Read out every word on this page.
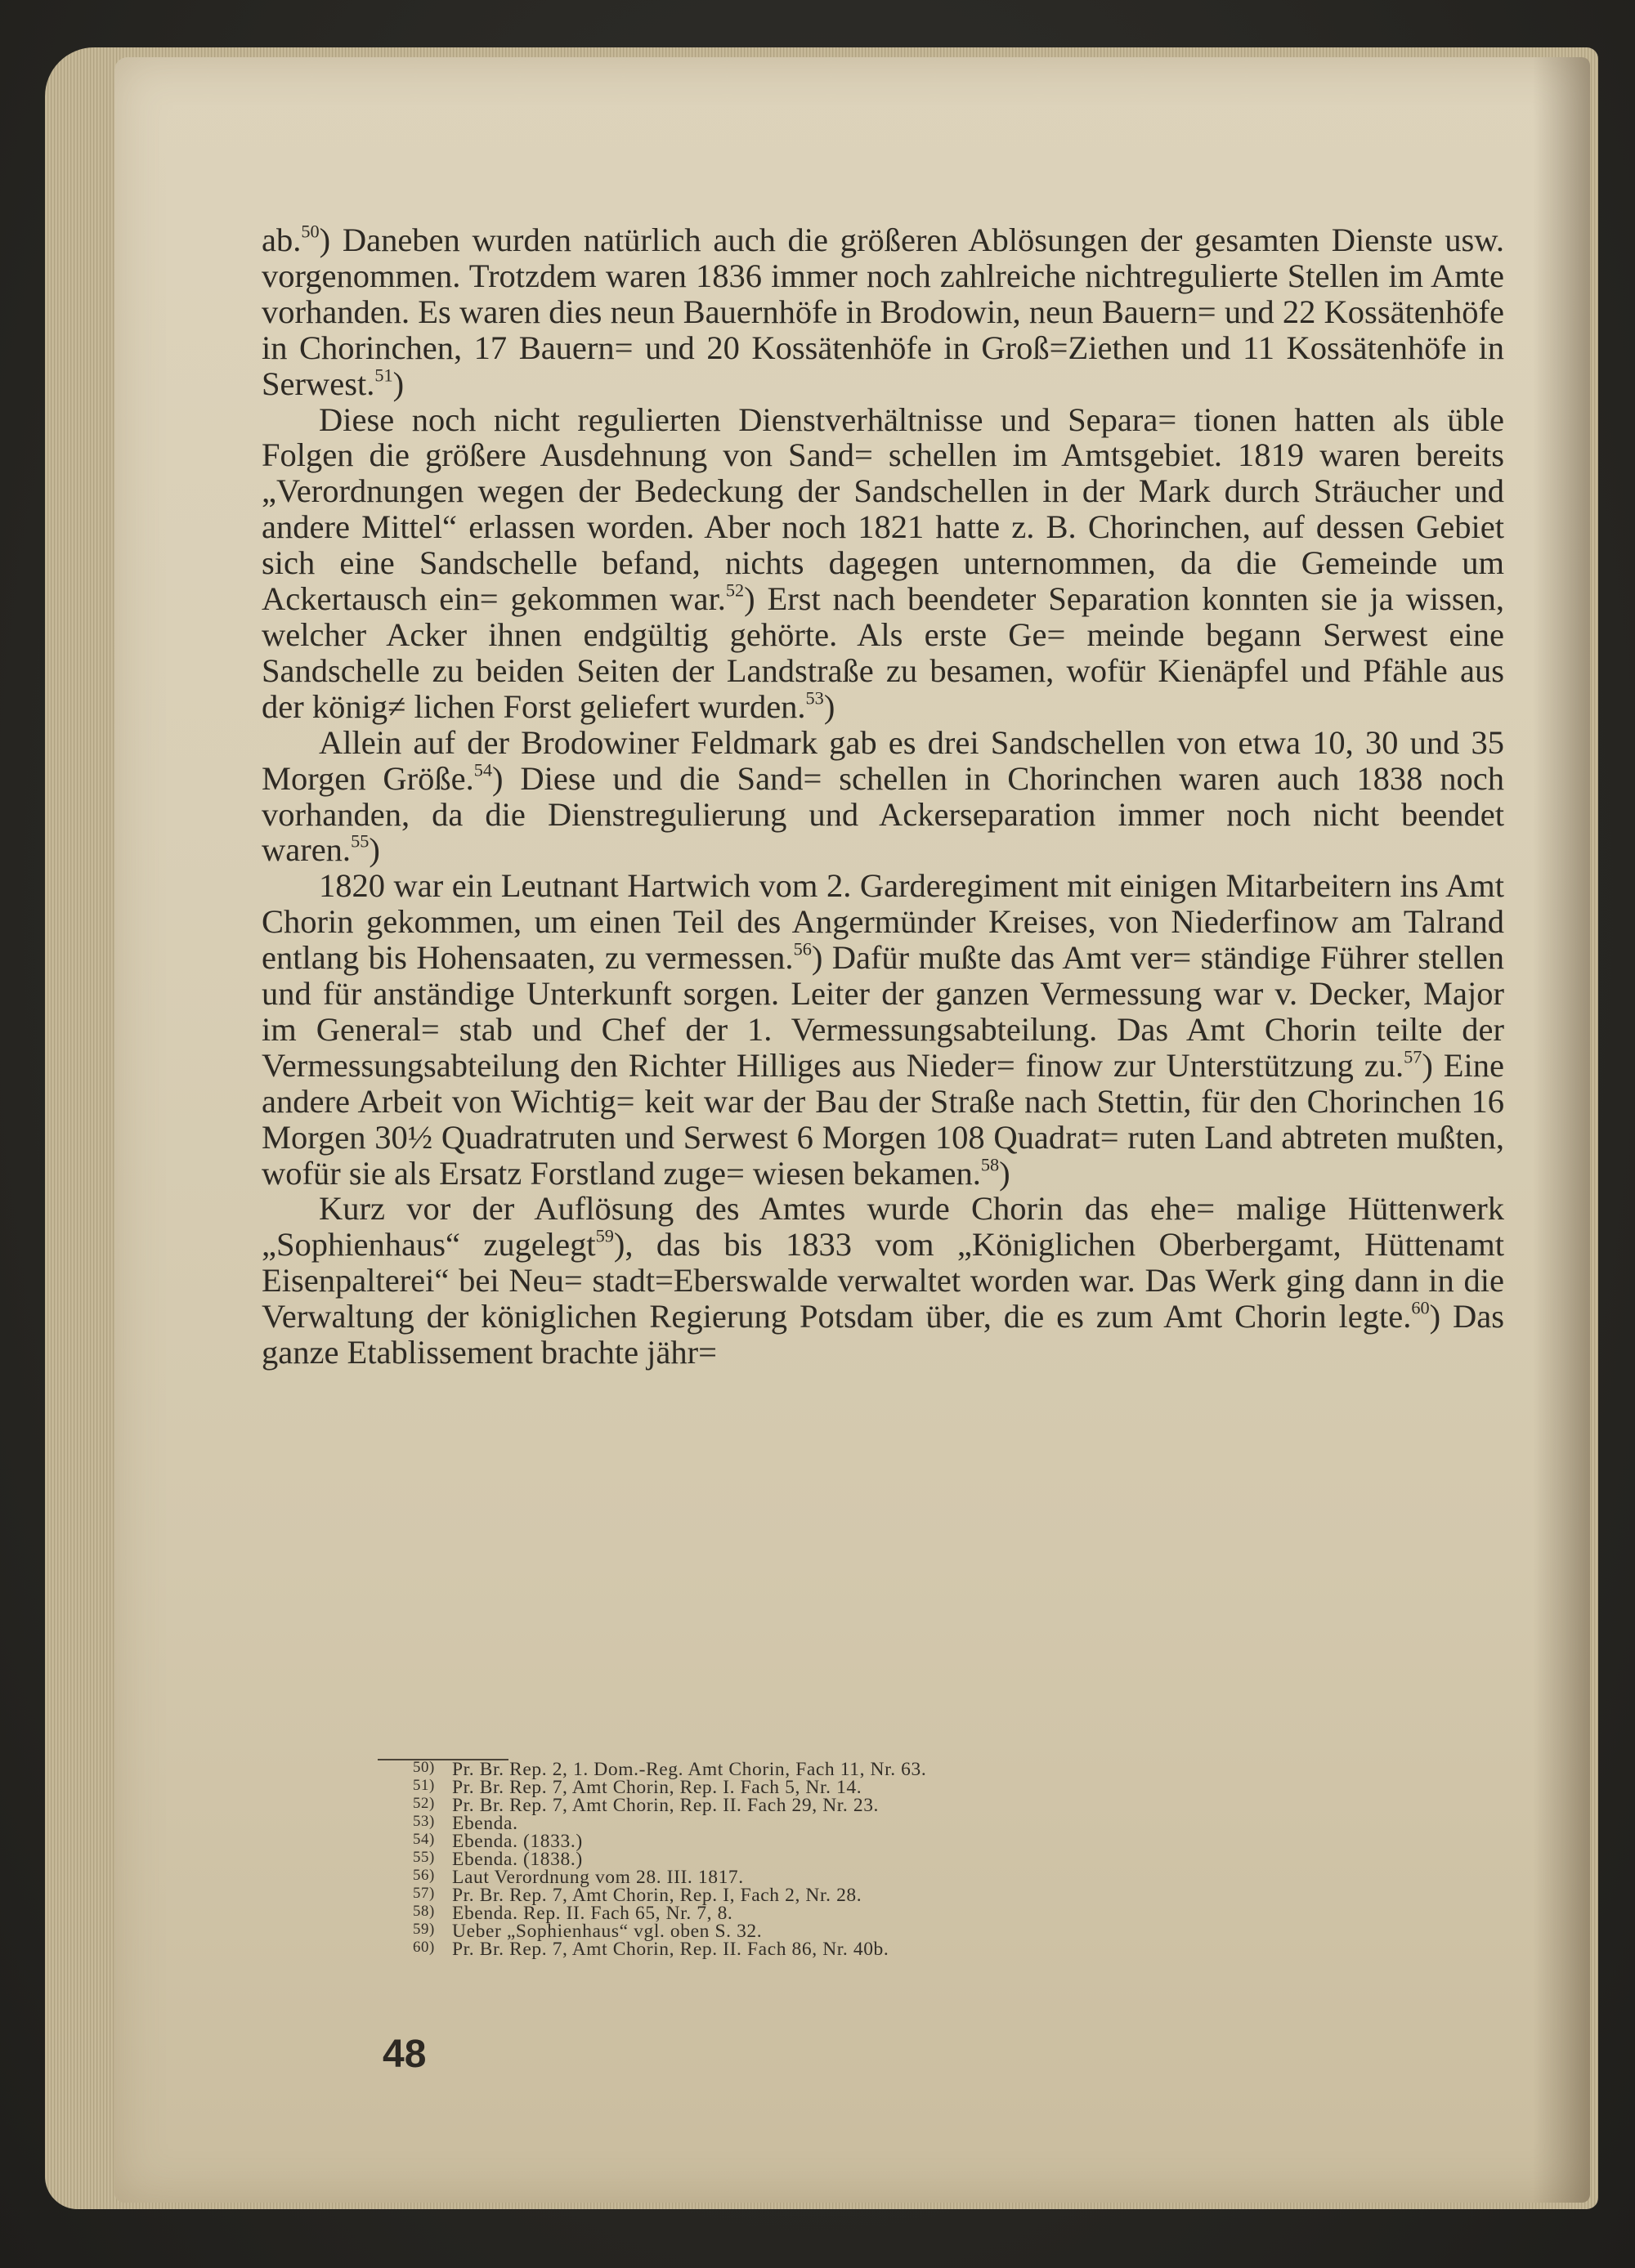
ab.$^{50}$) Daneben wurden natürlich auch die größeren Ablösungen der gesamten Dienste usw. vorgenommen. Trotzdem waren 1836 immer noch zahlreiche nichtregulierte Stellen im Amte vorhanden. Es waren dies neun Bauernhöfe in Brodowin, neun Bauern= und 22 Kossätenhöfe in Chorinchen, 17 Bauern= und 20 Kossätenhöfe in Groß=Ziethen und 11 Kossätenhöfe in Serwest.$^{51}$)

Diese noch nicht regulierten Dienstverhältnisse und Separa= tionen hatten als üble Folgen die größere Ausdehnung von Sand= schellen im Amtsgebiet. 1819 waren bereits „Verordnungen wegen der Bedeckung der Sandschellen in der Mark durch Sträucher und andere Mittel“ erlassen worden. Aber noch 1821 hatte z. B. Chorinchen, auf dessen Gebiet sich eine Sandschelle befand, nichts dagegen unternommen, da die Gemeinde um Ackertausch ein= gekommen war.$^{52}$) Erst nach beendeter Separation konnten sie ja wissen, welcher Acker ihnen endgültig gehörte. Als erste Ge= meinde begann Serwest eine Sandschelle zu beiden Seiten der Landstraße zu besamen, wofür Kienäpfel und Pfähle aus der könig≠ lichen Forst geliefert wurden.$^{53}$)

Allein auf der Brodowiner Feldmark gab es drei Sandschellen von etwa 10, 30 und 35 Morgen Größe.$^{54}$) Diese und die Sand= schellen in Chorinchen waren auch 1838 noch vorhanden, da die Dienstregulierung und Ackerseparation immer noch nicht beendet waren.$^{55}$)

1820 war ein Leutnant Hartwich vom 2. Garderegiment mit einigen Mitarbeitern ins Amt Chorin gekommen, um einen Teil des Angermünder Kreises, von Niederfinow am Talrand entlang bis Hohensaaten, zu vermessen.$^{56}$) Dafür mußte das Amt ver= ständige Führer stellen und für anständige Unterkunft sorgen. Leiter der ganzen Vermessung war v. Decker, Major im General= stab und Chef der 1. Vermessungsabteilung. Das Amt Chorin teilte der Vermessungsabteilung den Richter Hilliges aus Nieder= finow zur Unterstützung zu.$^{57}$) Eine andere Arbeit von Wichtig= keit war der Bau der Straße nach Stettin, für den Chorinchen 16 Morgen 30½ Quadratruten und Serwest 6 Morgen 108 Quadrat= ruten Land abtreten mußten, wofür sie als Ersatz Forstland zuge= wiesen bekamen.$^{58}$)

Kurz vor der Auflösung des Amtes wurde Chorin das ehe= malige Hüttenwerk „Sophienhaus“ zugelegt$^{59}$), das bis 1833 vom „Königlichen Oberbergamt, Hüttenamt Eisenpalterei“ bei Neu= stadt=Eberswalde verwaltet worden war. Das Werk ging dann in die Verwaltung der königlichen Regierung Potsdam über, die es zum Amt Chorin legte.$^{60}$) Das ganze Etablissement brachte jähr=

50) Pr. Br. Rep. 2, 1. Dom.-Reg. Amt Chorin, Fach 11, Nr. 63.
51) Pr. Br. Rep. 7, Amt Chorin, Rep. I. Fach 5, Nr. 14.
52) Pr. Br. Rep. 7, Amt Chorin, Rep. II. Fach 29, Nr. 23.
53) Ebenda.
54) Ebenda. (1833.)
55) Ebenda. (1838.)
56) Laut Verordnung vom 28. III. 1817.
57) Pr. Br. Rep. 7, Amt Chorin, Rep. I, Fach 2, Nr. 28.
58) Ebenda. Rep. II. Fach 65, Nr. 7, 8.
59) Ueber „Sophienhaus“ vgl. oben S. 32.
60) Pr. Br. Rep. 7, Amt Chorin, Rep. II. Fach 86, Nr. 40b.
48
